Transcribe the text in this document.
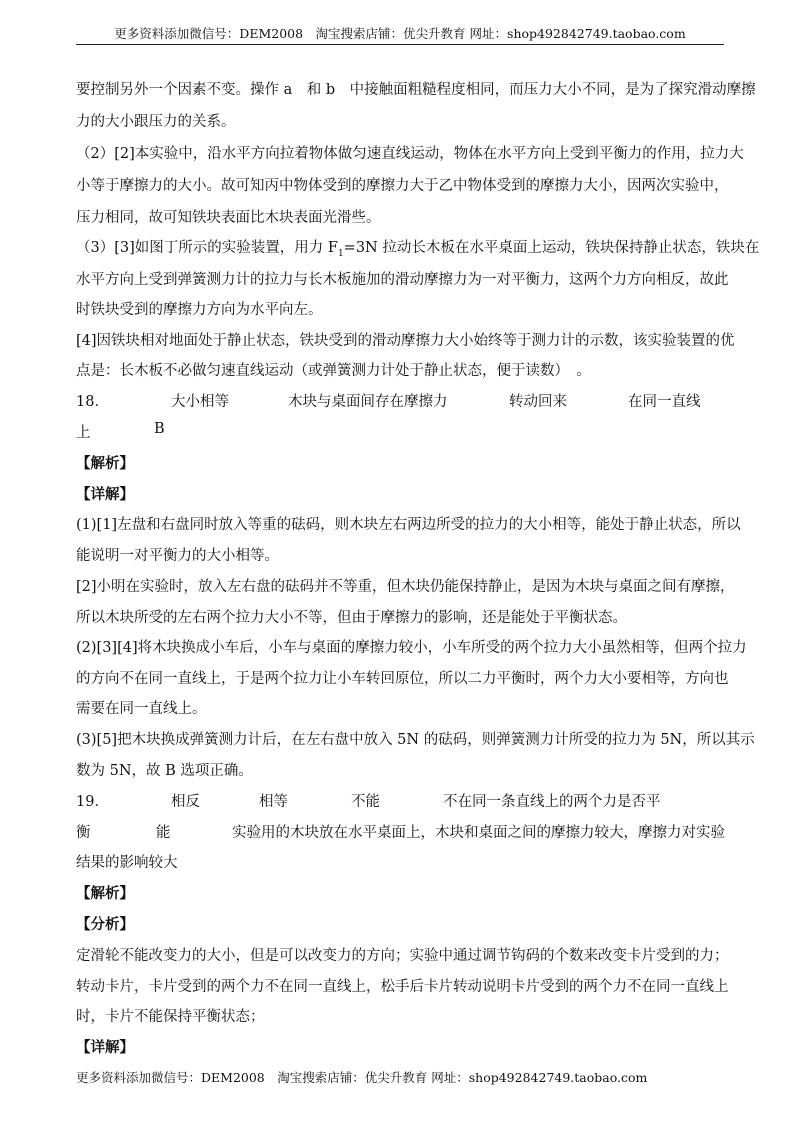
更多资料添加微信号：DEM2008　淘宝搜索店铺：优尖升教育 网址：shop492842749.taobao.com
要控制另外一个因素不变。操作 a　和 b　中接触面粗糙程度相同，而压力大小不同，是为了探究滑动摩擦
力的大小跟压力的关系。
（2）[2]本实验中，沿水平方向拉着物体做匀速直线运动，物体在水平方向上受到平衡力的作用，拉力大
小等于摩擦力的大小。故可知丙中物体受到的摩擦力大于乙中物体受到的摩擦力大小，因两次实验中，
压力相同，故可知铁块表面比木块表面光滑些。
（3）[3]如图丁所示的实验装置，用力 $F_1=3N$ 拉动长木板在水平桌面上运动，铁块保持静止状态，铁块在
水平方向上受到弹簧测力计的拉力与长木板施加的滑动摩擦力为一对平衡力，这两个力方向相反，故此
时铁块受到的摩擦力方向为水平向左。
[4]因铁块相对地面处于静止状态，铁块受到的滑动摩擦力大小始终等于测力计的示数，该实验装置的优
点是：长木板不必做匀速直线运动（或弹簧测力计处于静止状态，便于读数）　。
18．	大小相等	木块与桌面间存在摩擦力	转动回来	在同一直线
上	B
【解析】
【详解】
(1)[1]左盘和右盘同时放入等重的砝码，则木块左右两边所受的拉力的大小相等，能处于静止状态，所以
能说明一对平衡力的大小相等。
[2]小明在实验时，放入左右盘的砝码并不等重，但木块仍能保持静止，是因为木块与桌面之间有摩擦，
所以木块所受的左右两个拉力大小不等，但由于摩擦力的影响，还是能处于平衡状态。
(2)[3][4]将木块换成小车后，小车与桌面的摩擦力较小，小车所受的两个拉力大小虽然相等，但两个拉力
的方向不在同一直线上，于是两个拉力让小车转回原位，所以二力平衡时，两个力大小要相等，方向也
需要在同一直线上。
(3)[5]把木块换成弹簧测力计后，在左右盘中放入 5N 的砝码，则弹簧测力计所受的拉力为 5N，所以其示
数为 5N，故 B 选项正确。
19．	相反	相等	不能	不在同一条直线上的两个力是否平
衡	能	实验用的木块放在水平桌面上，木块和桌面之间的摩擦力较大，摩擦力对实验
结果的影响较大
【解析】
【分析】
定滑轮不能改变力的大小，但是可以改变力的方向；实验中通过调节钩码的个数来改变卡片受到的力；
转动卡片，卡片受到的两个力不在同一直线上，松手后卡片转动说明卡片受到的两个力不在同一直线上
时，卡片不能保持平衡状态；
【详解】
更多资料添加微信号：DEM2008　淘宝搜索店铺：优尖升教育 网址：shop492842749.taobao.com
